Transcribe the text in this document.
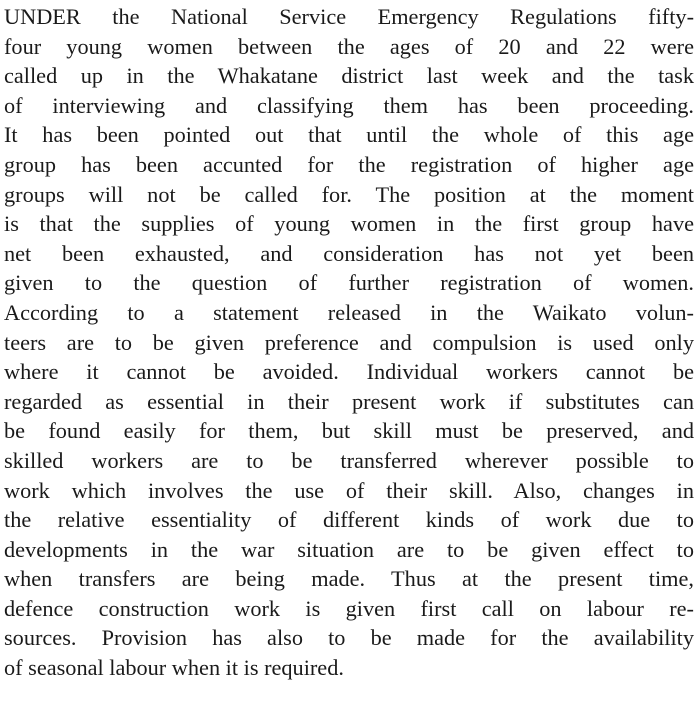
UNDER the National Service Emergency Regulations fifty-
four young women between the ages of 20 and 22 were
called up in the Whakatane district last week and the task
of interviewing and classifying them has been proceeding.
It has been pointed out that until the whole of this age
group has been accunted for the registration of higher age
groups will not be called for. The position at the moment
is that the supplies of young women in the first group have
net been exhausted, and consideration has not yet been
given to the question of further registration of women.
According to a statement released in the Waikato volun-
teers are to be given preference and compulsion is used only
where it cannot be avoided. Individual workers cannot be
regarded as essential in their present work if substitutes can
be found easily for them, but skill must be preserved, and
skilled workers are to be transferred wherever possible to
work which involves the use of their skill. Also, changes in
the relative essentiality of different kinds of work due to
developments in the war situation are to be given effect to
when transfers are being made. Thus at the present time,
defence construction work is given first call on labour re-
sources. Provision has also to be made for the availability
of seasonal labour when it is required.
